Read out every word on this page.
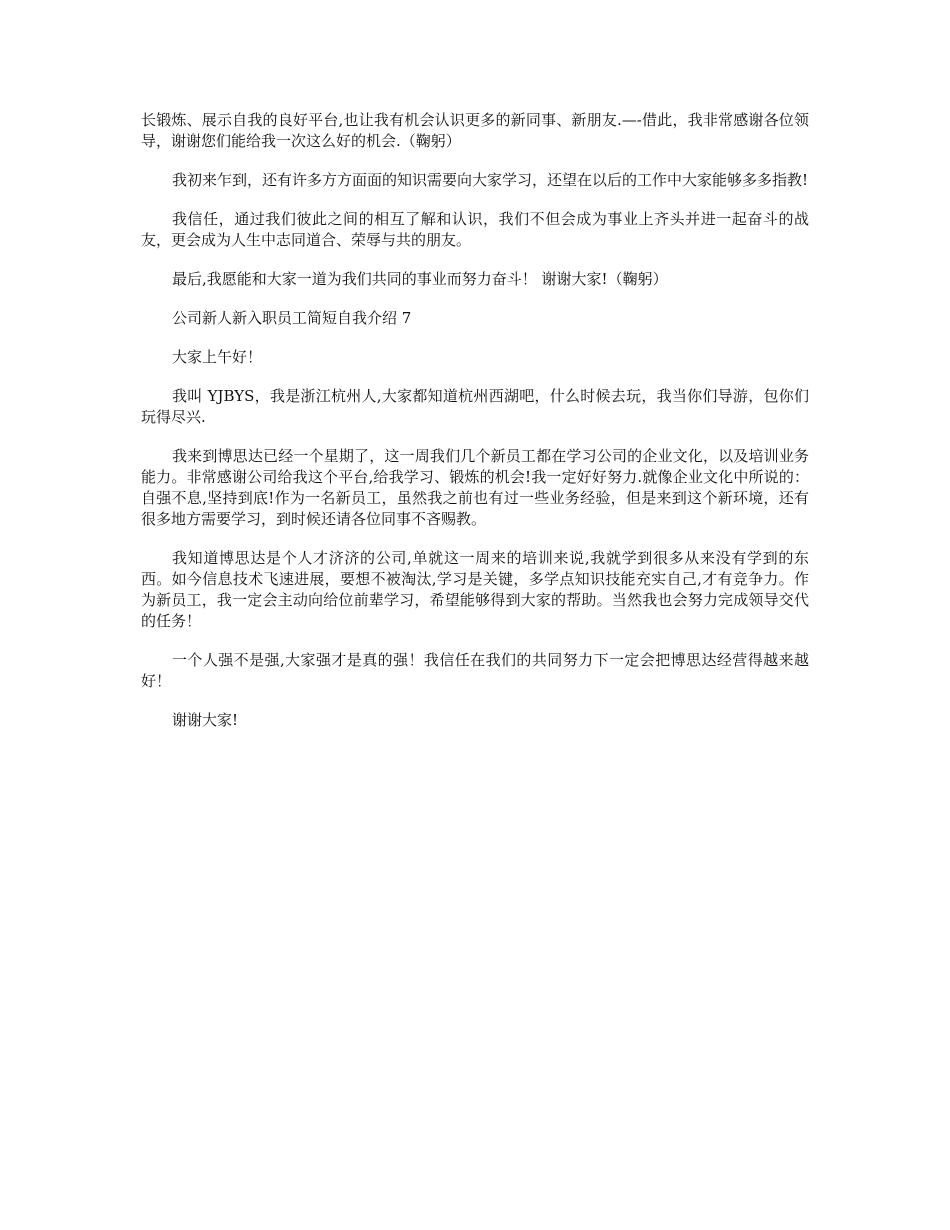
长锻炼、展示自我的良好平台,也让我有机会认识更多的新同事、新朋友.—-借此，我非常感谢各位领导，谢谢您们能给我一次这么好的机会.（鞠躬）

我初来乍到，还有许多方方面面的知识需要向大家学习，还望在以后的工作中大家能够多多指教!

我信任，通过我们彼此之间的相互了解和认识，我们不但会成为事业上齐头并进一起奋斗的战友，更会成为人生中志同道合、荣辱与共的朋友。

最后,我愿能和大家一道为我们共同的事业而努力奋斗！ 谢谢大家!（鞠躬）

公司新人新入职员工简短自我介绍 7

大家上午好！

我叫 YJBYS，我是浙江杭州人,大家都知道杭州西湖吧，什么时候去玩，我当你们导游，包你们玩得尽兴.

我来到博思达已经一个星期了，这一周我们几个新员工都在学习公司的企业文化，以及培训业务能力。非常感谢公司给我这个平台,给我学习、锻炼的机会!我一定好好努力.就像企业文化中所说的：自强不息,坚持到底!作为一名新员工，虽然我之前也有过一些业务经验，但是来到这个新环境，还有很多地方需要学习，到时候还请各位同事不吝赐教。

我知道博思达是个人才济济的公司,单就这一周来的培训来说,我就学到很多从来没有学到的东西。如今信息技术飞速进展，要想不被淘汰,学习是关键，多学点知识技能充实自己,才有竞争力。作为新员工，我一定会主动向给位前辈学习，希望能够得到大家的帮助。当然我也会努力完成领导交代的任务！

一个人强不是强,大家强才是真的强！我信任在我们的共同努力下一定会把博思达经营得越来越好！

谢谢大家!
